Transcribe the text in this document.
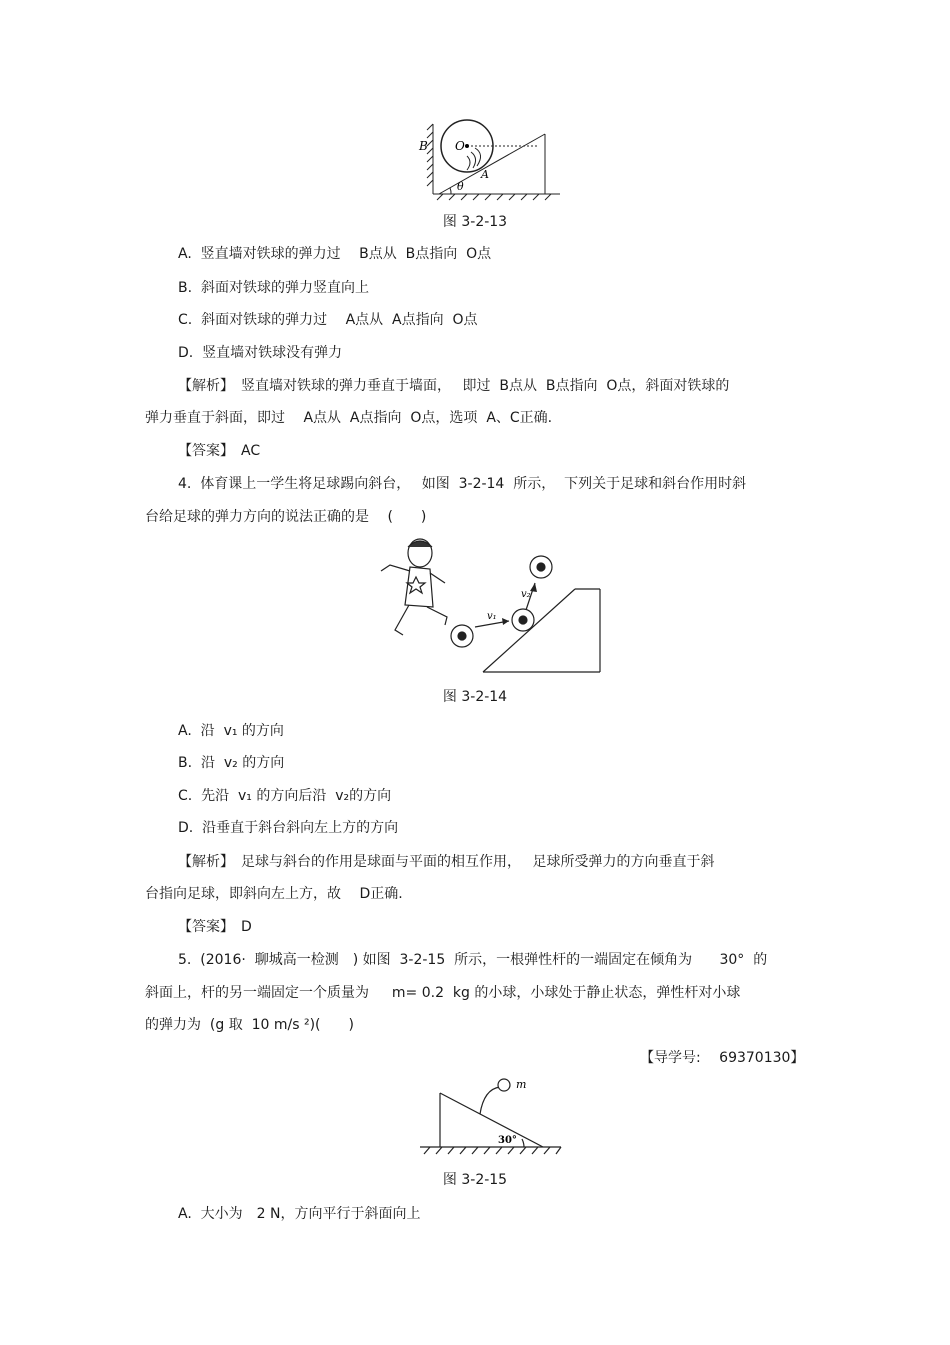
B O
A
θ
图 3-2-13
A.  竖直墙对铁球的弹力过　 B点从  B点指向  O点
B.  斜面对铁球的弹力竖直向上
C.  斜面对铁球的弹力过　 A点从  A点指向  O点
D.  竖直墙对铁球没有弹力
【解析】　竖直墙对铁球的弹力垂直于墙面，　 即过  B点从  B点指向  O点，斜面对铁球的
弹力垂直于斜面，即过　 A点从  A点指向  O点，选项  A、C正确.
【答案】　AC
4.  体育课上一学生将足球踢向斜台，　 如图  3-2-14  所示，  下列关于足球和斜台作用时斜
台给足球的弹力方向的说法正确的是　 (　　)
v₁
v₂
图 3-2-14
A.  沿  v₁ 的方向
B.  沿  v₂ 的方向
C.  先沿  v₁ 的方向后沿  v₂的方向
D.  沿垂直于斜台斜向左上方的方向
【解析】　足球与斜台的作用是球面与平面的相互作用，　 足球所受弹力的方向垂直于斜
台指向足球，即斜向左上方，故　 D正确.
【答案】　D
5.  (2016·  聊城高一检测　) 如图  3-2-15  所示，一根弹性杆的一端固定在倾角为　   30°  的
斜面上，杆的另一端固定一个质量为　  m= 0.2  kg 的小球，小球处于静止状态，弹性杆对小球
的弹力为  (g 取  10 m/s ²)(　　)
【导学号:　 69370130】
m
30°
图 3-2-15
A.  大小为　2 N，方向平行于斜面向上
